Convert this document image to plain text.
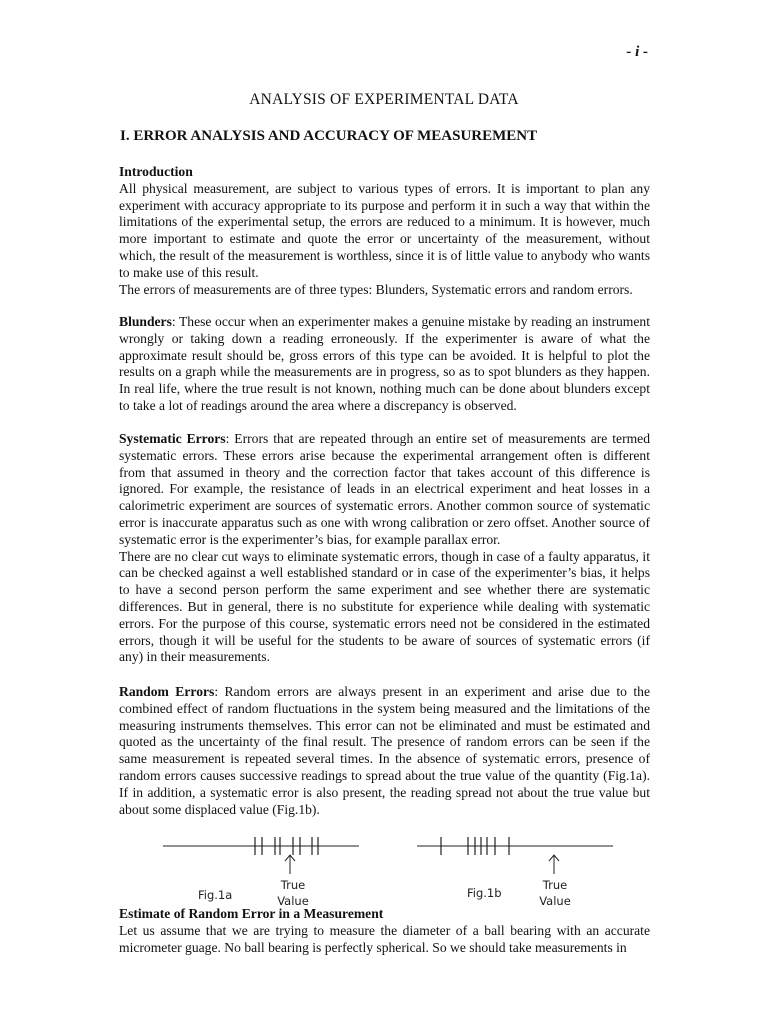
- i -
ANALYSIS OF EXPERIMENTAL DATA
I. ERROR ANALYSIS AND ACCURACY OF MEASUREMENT

Introduction

All physical measurement, are subject to various types of errors. It is important to plan any experiment with accuracy appropriate to its purpose and perform it in such a way that within the limitations of the experimental setup, the errors are reduced to a minimum. It is however, much more important to estimate and quote the error or uncertainty of the measurement, without which, the result of the measurement is worthless, since it is of little value to anybody who wants to make use of this result.

The errors of measurements are of three types: Blunders, Systematic errors and random errors.

Blunders: These occur when an experimenter makes a genuine mistake by reading an instrument wrongly or taking down a reading erroneously. If the experimenter is aware of what the approximate result should be, gross errors of this type can be avoided. It is helpful to plot the results on a graph while the measurements are in progress, so as to spot blunders as they happen. In real life, where the true result is not known, nothing much can be done about blunders except to take a lot of readings around the area where a discrepancy is observed.

Systematic Errors: Errors that are repeated through an entire set of measurements are termed systematic errors. These errors arise because the experimental arrangement often is different from that assumed in theory and the correction factor that takes account of this difference is ignored. For example, the resistance of leads in an electrical experiment and heat losses in a calorimetric experiment are sources of systematic errors. Another common source of systematic error is inaccurate apparatus such as one with wrong calibration or zero offset. Another source of systematic error is the experimenter’s bias, for example parallax error.

There are no clear cut ways to eliminate systematic errors, though in case of a faulty apparatus, it can be checked against a well established standard or in case of the experimenter’s bias, it helps to have a second person perform the same experiment and see whether there are systematic differences. But in general, there is no substitute for experience while dealing with systematic errors. For the purpose of this course, systematic errors need not be considered in the estimated errors, though it will be useful for the students to be aware of sources of systematic errors (if any) in their measurements.

Random Errors: Random errors are always present in an experiment and arise due to the combined effect of random fluctuations in the system being measured and the limitations of the measuring instruments themselves. This error can not be eliminated and must be estimated and quoted as the uncertainty of the final result. The presence of random errors can be seen if the same measurement is repeated several times. In the absence of systematic errors, presence of random errors causes successive readings to spread about the true value of the quantity (Fig.1a). If in addition, a systematic error is also present, the reading spread not about the true value but about some displaced value (Fig.1b).

Fig.1a
True
Value
Fig.1b
True
Value

Estimate of Random Error in a Measurement

Let us assume that we are trying to measure the diameter of a ball bearing with an accurate micrometer guage. No ball bearing is perfectly spherical. So we should take measurements in
